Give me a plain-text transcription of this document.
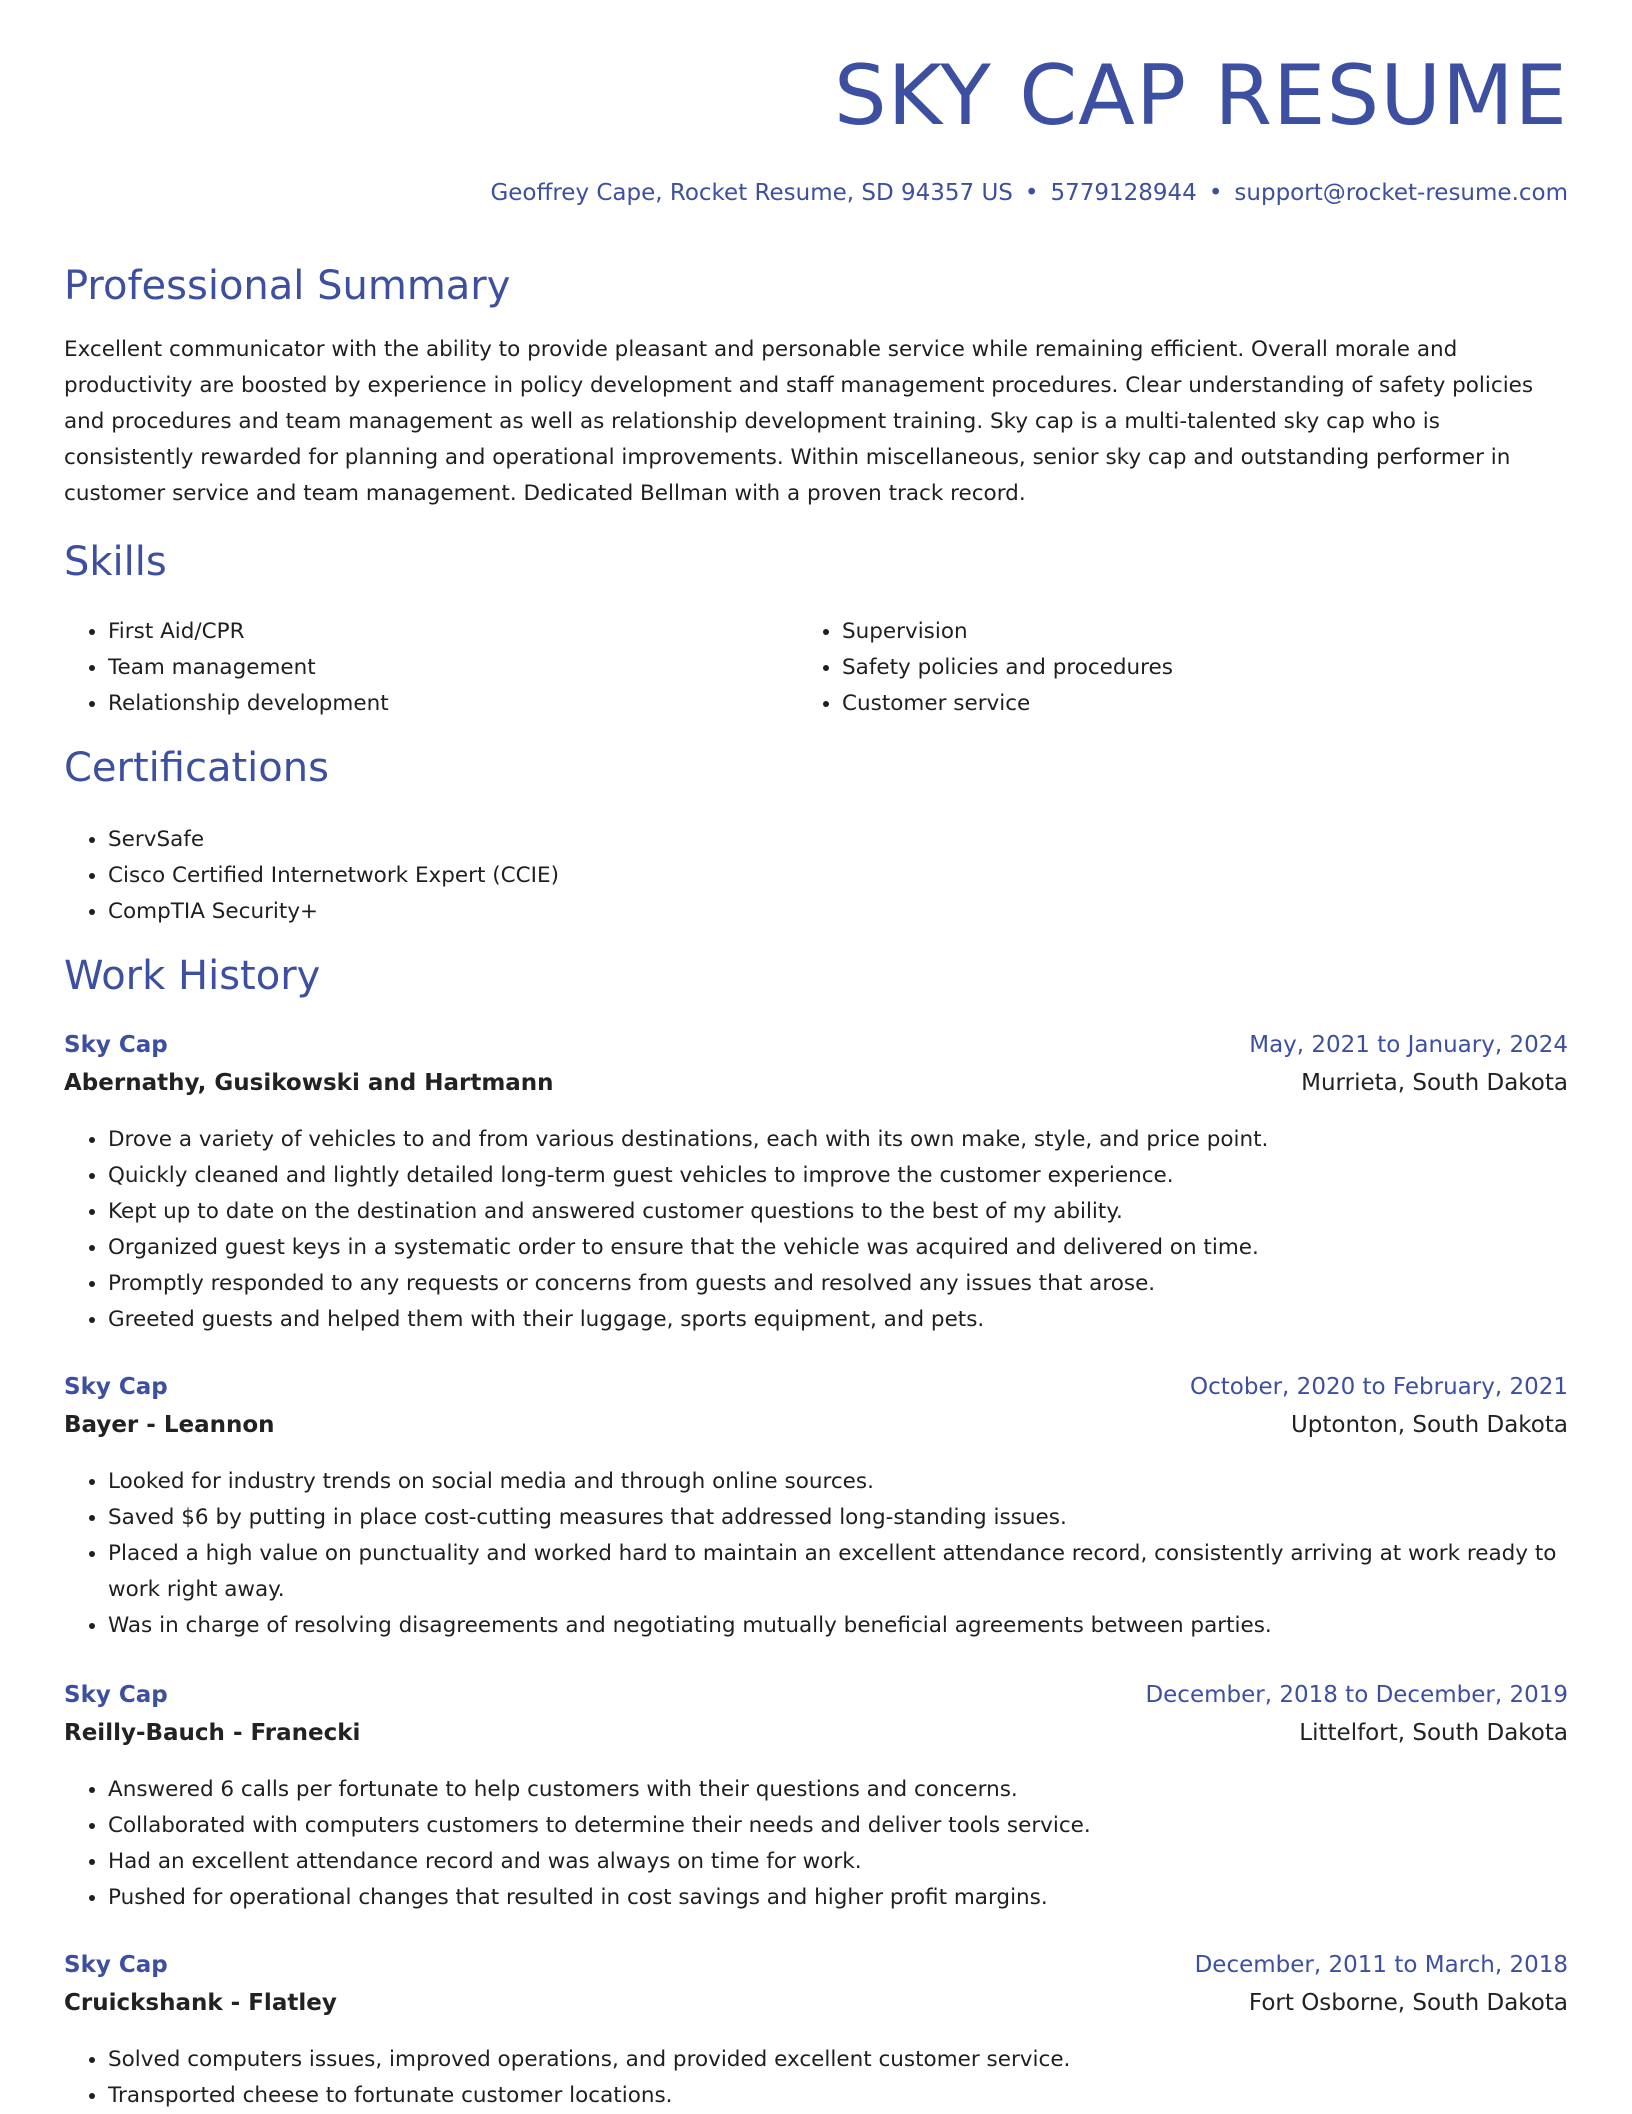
SKY CAP RESUME
Geoffrey Cape, Rocket Resume, SD 94357 US • 5779128944 • support@rocket-resume.com
Professional Summary

Excellent communicator with the ability to provide pleasant and personable service while remaining efficient. Overall morale and productivity are boosted by experience in policy development and staff management procedures. Clear understanding of safety policies and procedures and team management as well as relationship development training. Sky cap is a multi-talented sky cap who is consistently rewarded for planning and operational improvements. Within miscellaneous, senior sky cap and outstanding performer in customer service and team management. Dedicated Bellman with a proven track record.

Skills
• First Aid/CPR
• Team management
• Relationship development
• Supervision
• Safety policies and procedures
• Customer service
Certifications
• ServSafe
• Cisco Certified Internetwork Expert (CCIE)
• CompTIA Security+
Work History
Sky Cap	May, 2021 to January, 2024
Abernathy, Gusikowski and Hartmann	Murrieta, South Dakota
• Drove a variety of vehicles to and from various destinations, each with its own make, style, and price point.
• Quickly cleaned and lightly detailed long-term guest vehicles to improve the customer experience.
• Kept up to date on the destination and answered customer questions to the best of my ability.
• Organized guest keys in a systematic order to ensure that the vehicle was acquired and delivered on time.
• Promptly responded to any requests or concerns from guests and resolved any issues that arose.
• Greeted guests and helped them with their luggage, sports equipment, and pets.
Sky Cap	October, 2020 to February, 2021
Bayer - Leannon	Uptonton, South Dakota
• Looked for industry trends on social media and through online sources.
• Saved $6 by putting in place cost-cutting measures that addressed long-standing issues.
• Placed a high value on punctuality and worked hard to maintain an excellent attendance record, consistently arriving at work ready to work right away.
• Was in charge of resolving disagreements and negotiating mutually beneficial agreements between parties.
Sky Cap	December, 2018 to December, 2019
Reilly-Bauch - Franecki	Littelfort, South Dakota
• Answered 6 calls per fortunate to help customers with their questions and concerns.
• Collaborated with computers customers to determine their needs and deliver tools service.
• Had an excellent attendance record and was always on time for work.
• Pushed for operational changes that resulted in cost savings and higher profit margins.
Sky Cap	December, 2011 to March, 2018
Cruickshank - Flatley	Fort Osborne, South Dakota
• Solved computers issues, improved operations, and provided excellent customer service.
• Transported cheese to fortunate customer locations.
